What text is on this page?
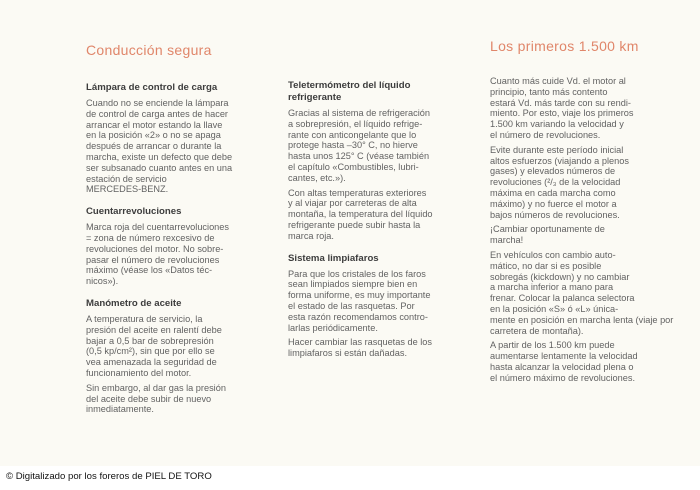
Conducción segura
Lámpara de control de carga
Cuando no se enciende la lámpara
de control de carga antes de hacer
arrancar el motor estando la llave
en la posición «2» o no se apaga
después de arrancar o durante la
marcha, existe un defecto que debe
ser subsanado cuanto antes en una
estación de servicio
MERCEDES-BENZ.
Cuentarrevoluciones
Marca roja del cuentarrevoluciones
= zona de número rexcesivo de
revoluciones del motor. No sobre-
pasar el número de revoluciones
máximo (véase los «Datos téc-
nicos»).
Manómetro de aceite
A temperatura de servicio, la
presión del aceite en ralentí debe
bajar a 0,5 bar de sobrepresión
(0,5 kp/cm²), sin que por ello se
vea amenazada la seguridad de
funcionamiento del motor.
Sin embargo, al dar gas la presión
del aceite debe subir de nuevo
inmediatamente.
Teletermómetro del líquido
refrigerante
Gracias al sistema de refrigeración
a sobrepresión, el líquido refrige-
rante con anticongelante que lo
protege hasta –30° C, no hierve
hasta unos 125° C (véase también
el capítulo «Combustibles, lubri-
cantes, etc.»).
Con altas temperaturas exteriores
y al viajar por carreteras de alta
montaña, la temperatura del líquido
refrigerante puede subir hasta la
marca roja.
Sistema limpiafaros
Para que los cristales de los faros
sean limpiados siempre bien en
forma uniforme, es muy importante
el estado de las rasquetas. Por
esta razón recomendamos contro-
larlas periódicamente.
Hacer cambiar las rasquetas de los
limpiafaros si están dañadas.
Los primeros 1.500 km
Cuanto más cuide Vd. el motor al
principio, tanto más contento
estará Vd. más tarde con su rendi-
miento. Por esto, viaje los primeros
1.500 km variando la velocidad y
el número de revoluciones.
Evite durante este período inicial
altos esfuerzos (viajando a plenos
gases) y elevados números de
revoluciones (²/₃ de la velocidad
máxima en cada marcha como
máximo) y no fuerce el motor a
bajos números de revoluciones.
¡Cambiar oportunamente de
marcha!
En vehículos con cambio auto-
mático, no dar si es posible
sobregás (kickdown) y no cambiar
a marcha inferior a mano para
frenar. Colocar la palanca selectora
en la posición «S» ó «L» única-
mente en posición en marcha lenta (viaje por
carretera de montaña).
A partir de los 1.500 km puede
aumentarse lentamente la velocidad
hasta alcanzar la velocidad plena o
el número máximo de revoluciones.
© Digitalizado por los foreros de PIEL DE TORO
